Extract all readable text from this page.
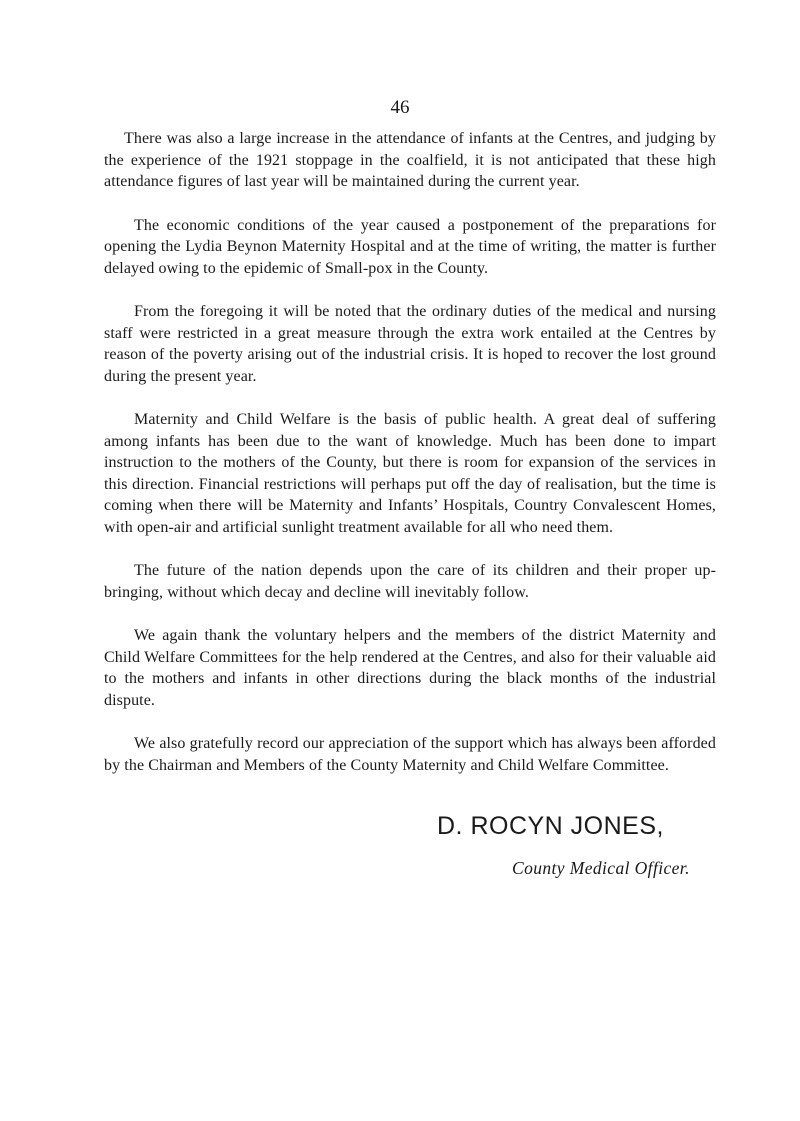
46

There was also a large increase in the attendance of infants at the Centres, and judging by the experience of the 1921 stoppage in the coalfield, it is not anticipated that these high attendance figures of last year will be maintained during the current year.

The economic conditions of the year caused a postponement of the preparations for opening the Lydia Beynon Maternity Hospital and at the time of writing, the matter is further delayed owing to the epidemic of Small-pox in the County.

From the foregoing it will be noted that the ordinary duties of the medical and nursing staff were restricted in a great measure through the extra work entailed at the Centres by reason of the poverty arising out of the industrial crisis. It is hoped to recover the lost ground during the present year.

Maternity and Child Welfare is the basis of public health. A great deal of suffering among infants has been due to the want of knowledge. Much has been done to impart instruction to the mothers of the County, but there is room for expansion of the services in this direction. Financial restrictions will perhaps put off the day of realisation, but the time is coming when there will be Maternity and Infants’ Hospitals, Country Convalescent Homes, with open-air and artificial sunlight treatment available for all who need them.

The future of the nation depends upon the care of its children and their proper up-bringing, without which decay and decline will inevitably follow.

We again thank the voluntary helpers and the members of the district Maternity and Child Welfare Committees for the help rendered at the Centres, and also for their valuable aid to the mothers and infants in other directions during the black months of the industrial dispute.

We also gratefully record our appreciation of the support which has always been afforded by the Chairman and Members of the County Maternity and Child Welfare Committee.

D. ROCYN JONES,
County Medical Officer.
